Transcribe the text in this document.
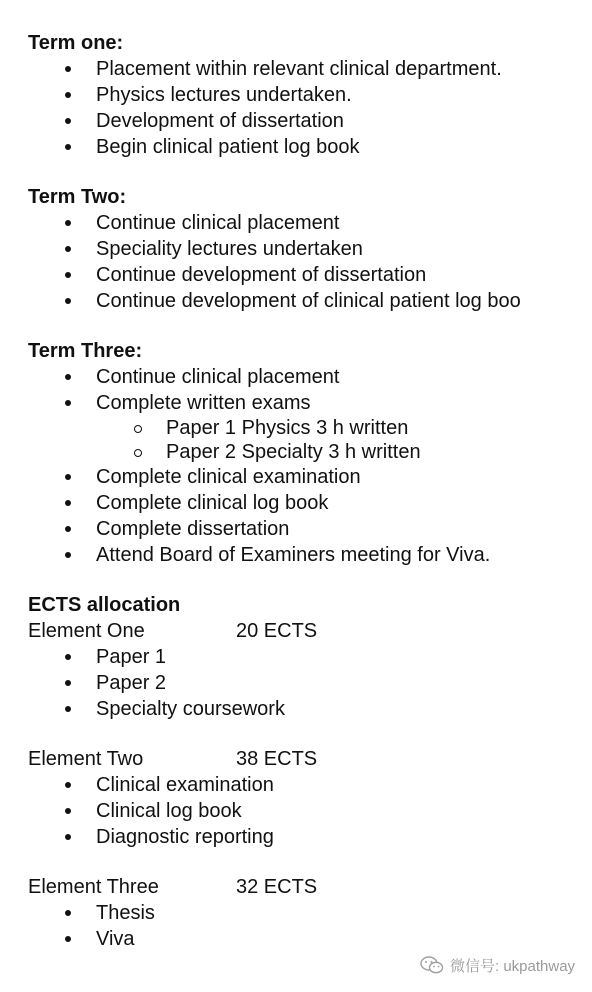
Term one:
Placement within relevant clinical department.
Physics lectures undertaken.
Development of dissertation
Begin clinical patient log book
Term Two:
Continue clinical placement
Speciality lectures undertaken
Continue development of dissertation
Continue development of clinical patient log boo
Term Three:
Continue clinical placement
Complete written exams
Paper 1 Physics 3 h written
Paper 2 Specialty 3 h written
Complete clinical examination
Complete clinical log book
Complete dissertation
Attend Board of Examiners meeting for Viva.
ECTS allocation
Element One	20 ECTS
Paper 1
Paper 2
Specialty coursework
Element Two	38 ECTS
Clinical examination
Clinical log book
Diagnostic reporting
Element Three	32 ECTS
Thesis
Viva
微信号: ukpathway
